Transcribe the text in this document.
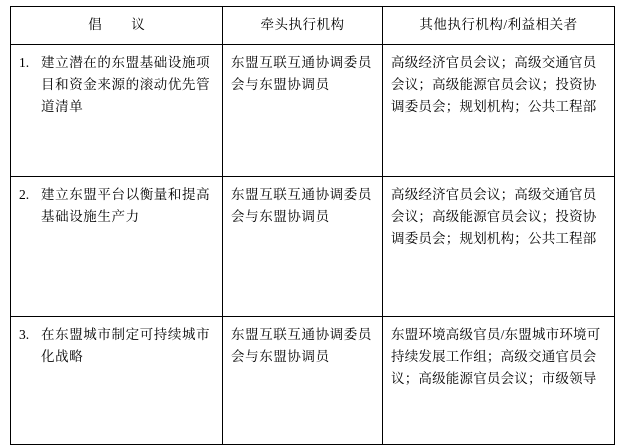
倡　议	牵头执行机构	其他执行机构/利益相关者

1. 建立潜在的东盟基础设施项目和资金来源的滚动优先管道清单	东盟互联互通协调委员会与东盟协调员	高级经济官员会议；高级交通官员会议；高级能源官员会议；投资协调委员会；规划机构；公共工程部

2. 建立东盟平台以衡量和提高基础设施生产力	东盟互联互通协调委员会与东盟协调员	高级经济官员会议；高级交通官员会议；高级能源官员会议；投资协调委员会；规划机构；公共工程部

3. 在东盟城市制定可持续城市化战略	东盟互联互通协调委员会与东盟协调员	东盟环境高级官员/东盟城市环境可持续发展工作组；高级交通官员会议；高级能源官员会议；市级领导
